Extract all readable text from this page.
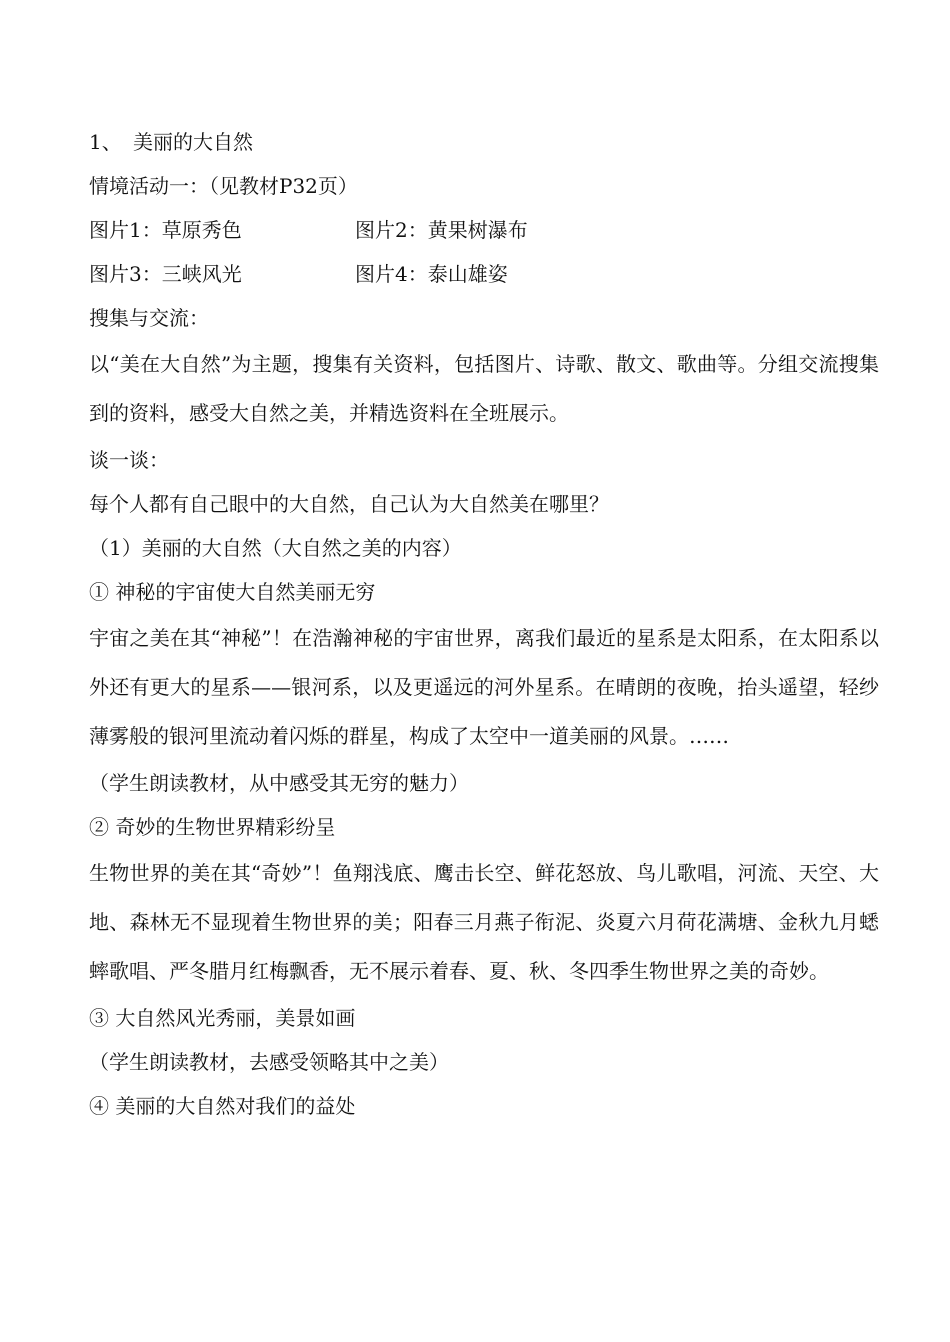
1、 美丽的大自然
情境活动一：（见教材P32页）
图片1：草原秀色	图片2：黄果树瀑布
图片3：三峡风光	图片4：泰山雄姿
搜集与交流：

以“美在大自然”为主题，搜集有关资料，包括图片、诗歌、散文、歌曲等。分组交流搜集到的资料，感受大自然之美，并精选资料在全班展示。

谈一谈：
每个人都有自己眼中的大自然，自己认为大自然美在哪里？
（1）美丽的大自然（大自然之美的内容）
① 神秘的宇宙使大自然美丽无穷

宇宙之美在其“神秘”！在浩瀚神秘的宇宙世界，离我们最近的星系是太阳系，在太阳系以外还有更大的星系——银河系，以及更遥远的河外星系。在晴朗的夜晚，抬头遥望，轻纱薄雾般的银河里流动着闪烁的群星，构成了太空中一道美丽的风景。……

（学生朗读教材，从中感受其无穷的魅力）
② 奇妙的生物世界精彩纷呈

生物世界的美在其“奇妙”！鱼翔浅底、鹰击长空、鲜花怒放、鸟儿歌唱，河流、天空、大地、森林无不显现着生物世界的美；阳春三月燕子衔泥、炎夏六月荷花满塘、金秋九月蟋蟀歌唱、严冬腊月红梅飘香，无不展示着春、夏、秋、冬四季生物世界之美的奇妙。

③ 大自然风光秀丽，美景如画
（学生朗读教材，去感受领略其中之美）
④ 美丽的大自然对我们的益处
